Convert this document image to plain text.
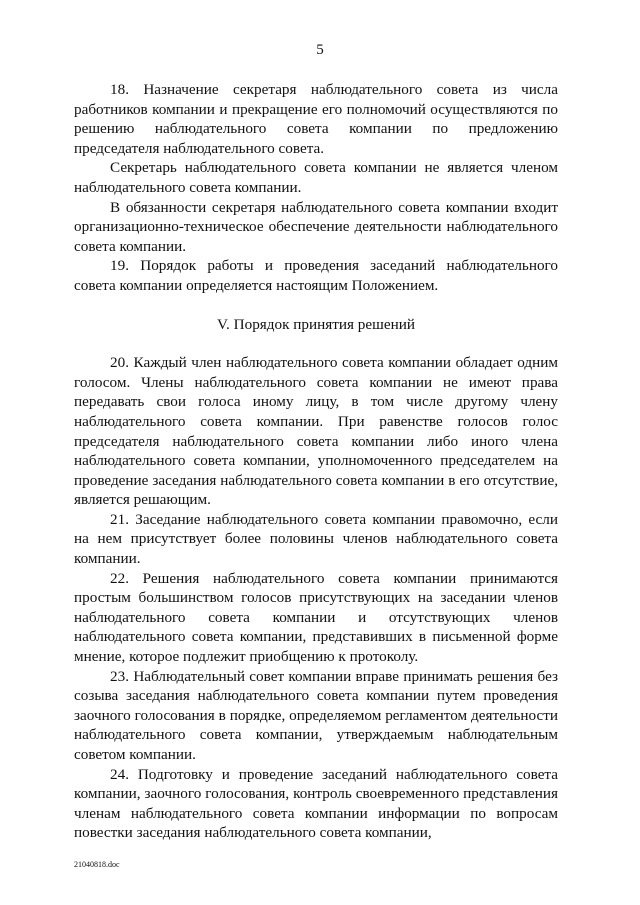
5

18. Назначение секретаря наблюдательного совета из числа работников компании и прекращение его полномочий осуществляются по решению наблюдательного совета компании по предложению председателя наблюдательного совета.

Секретарь наблюдательного совета компании не является членом наблюдательного совета компании.

В обязанности секретаря наблюдательного совета компании входит организационно-техническое обеспечение деятельности наблюдательного совета компании.

19. Порядок работы и проведения заседаний наблюдательного совета компании определяется настоящим Положением.

V. Порядок принятия решений

20. Каждый член наблюдательного совета компании обладает одним голосом. Члены наблюдательного совета компании не имеют права передавать свои голоса иному лицу, в том числе другому члену наблюдательного совета компании. При равенстве голосов голос председателя наблюдательного совета компании либо иного члена наблюдательного совета компании, уполномоченного председателем на проведение заседания наблюдательного совета компании в его отсутствие, является решающим.

21. Заседание наблюдательного совета компании правомочно, если на нем присутствует более половины членов наблюдательного совета компании.

22. Решения наблюдательного совета компании принимаются простым большинством голосов присутствующих на заседании членов наблюдательного совета компании и отсутствующих членов наблюдательного совета компании, представивших в письменной форме мнение, которое подлежит приобщению к протоколу.

23. Наблюдательный совет компании вправе принимать решения без созыва заседания наблюдательного совета компании путем проведения заочного голосования в порядке, определяемом регламентом деятельности наблюдательного совета компании, утверждаемым наблюдательным советом компании.

24. Подготовку и проведение заседаний наблюдательного совета компании, заочного голосования, контроль своевременного представления членам наблюдательного совета компании информации по вопросам повестки заседания наблюдательного совета компании,

21040818.doc
